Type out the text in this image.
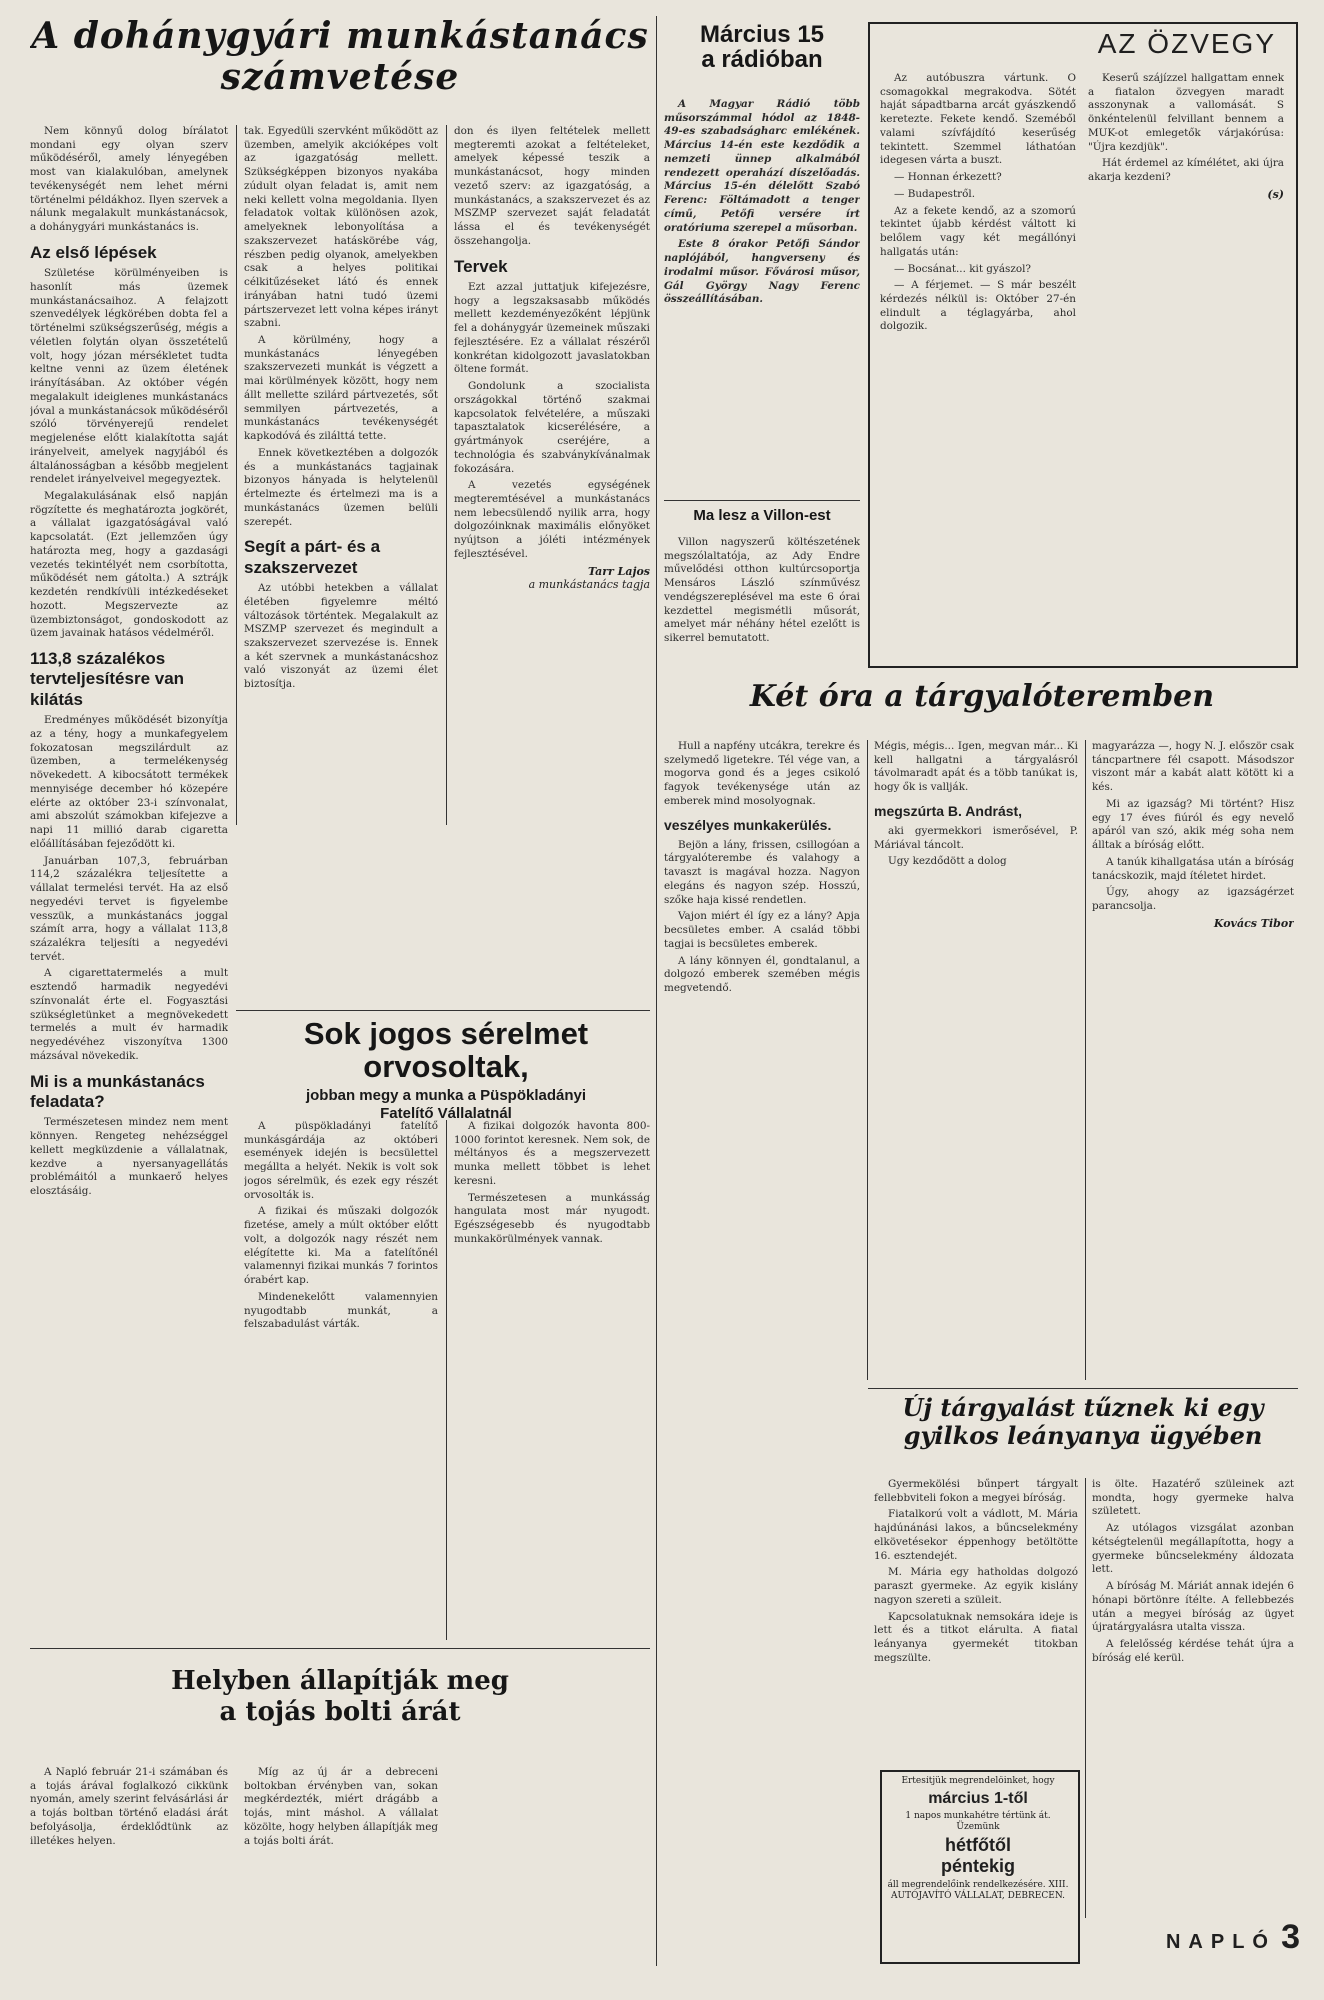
A dohánygyári munkástanács számvetése

Nem könnyű dolog bírálatot mondani egy olyan szerv működéséről, amely lényegében most van kialakulóban, amelynek tevékenységét nem lehet mérni történelmi példákhoz. Ilyen szervek a nálunk megalakult munkástanácsok, a dohánygyári munkástanács is.

Az első lépések

Születése körülményeiben is hasonlít más üzemek munkástanácsaihoz. A felajzott szenvedélyek légkörében dobta fel a történelmi szükségszerűség, mégis a véletlen folytán olyan összetételű volt, hogy józan mérsékletet tudta keltne venni az üzem életének irányításában. Az október végén megalakult ideiglenes munkástanács jóval a munkástanácsok működéséről szóló törvényerejű rendelet megjelenése előtt kialakította saját irányelveit, amelyek nagyjából és általánosságban a később megjelent rendelet irányelveivel megegyeztek.

Megalakulásának első napján rögzítette és meghatározta jogkörét, a vállalat igazgatóságával való kapcsolatát. (Ezt jellemzően úgy határozta meg, hogy a gazdasági vezetés tekintélyét nem csorbította, működését nem gátolta.) A sztrájk kezdetén rendkívüli intézkedéseket hozott. Megszervezte az üzembiztonságot, gondoskodott az üzem javainak hatásos védelméről.

113,8 százalékos tervteljesítésre van kilátás

Eredményes működését bizonyítja az a tény, hogy a munkafegyelem fokozatosan megszilárdult az üzemben, a termelékenység növekedett. A kibocsátott termékek mennyisége december hó közepére elérte az október 23-i színvonalat, ami abszolút számokban kifejezve a napi 11 millió darab cigaretta előállításában fejeződött ki.

Januárban 107,3, februárban 114,2 százalékra teljesítette a vállalat termelési tervét. Ha az első negyedévi tervet is figyelembe vesszük, a munkástanács joggal számít arra, hogy a vállalat 113,8 százalékra teljesíti a negyedévi tervét.

A cigarettatermelés a mult esztendő harmadik negyedévi színvonalát érte el. Fogyasztási szükségletünket a megnövekedett termelés a mult év harmadik negyedévéhez viszonyítva 1300 mázsával növekedik.

Mi is a munkástanács feladata?

Természetesen mindez nem ment könnyen. Rengeteg nehézséggel kellett megküzdenie a vállalatnak, kezdve a nyersanyagellátás problémáitól a munkaerő helyes elosztásáig.

tak. Egyedüli szervként működött az üzemben, amelyik akcióképes volt az igazgatóság mellett. Szükségképpen bizonyos nyakába zúdult olyan feladat is, amit nem neki kellett volna megoldania. Ilyen feladatok voltak különösen azok, amelyeknek lebonyolítása a szakszervezet hatáskörébe vág, részben pedig olyanok, amelyekben csak a helyes politikai célkitűzéseket látó és ennek irányában hatni tudó üzemi pártszervezet lett volna képes irányt szabni.

A körülmény, hogy a munkástanács lényegében szakszervezeti munkát is végzett a mai körülmények között, hogy nem állt mellette szilárd pártvezetés, sőt semmilyen pártvezetés, a munkástanács tevékenységét kapkodóvá és zilálttá tette.

Ennek következtében a dolgozók és a munkástanács tagjainak bizonyos hányada is helytelenül értelmezte és értelmezi ma is a munkástanács üzemen belüli szerepét.

Segít a párt- és a szakszervezet

Az utóbbi hetekben a vállalat életében figyelemre méltó változások történtek. Megalakult az MSZMP szervezet és megindult a szakszervezet szervezése is. Ennek a két szervnek a munkástanácshoz való viszonyát az üzemi élet biztosítja.

don és ilyen feltételek mellett megteremti azokat a feltételeket, amelyek képessé teszik a munkástanácsot, hogy minden vezető szerv: az igazgatóság, a munkástanács, a szakszervezet és az MSZMP szervezet saját feladatát lássa el és tevékenységét összehangolja.

Tervek

Ezt azzal juttatjuk kifejezésre, hogy a legszaksasabb működés mellett kezdeményezőként lépjünk fel a dohánygyár üzemeinek műszaki fejlesztésére. Ez a vállalat részéről konkrétan kidolgozott javaslatokban öltene formát.

Gondolunk a szocialista országokkal történő szakmai kapcsolatok felvételére, a műszaki tapasztalatok kicserélésére, a gyártmányok cseréjére, a technológia és szabványkívánalmak fokozására.

A vezetés egységének megteremtésével a munkástanács nem lebecsülendő nyilik arra, hogy dolgozóinknak maximális előnyöket nyújtson a jóléti intézmények fejlesztésével.

Tarr Lajos
a munkástanács tagja
Sok jogos sérelmet orvosoltak,
jobban megy a munka a Püspökladányi
Fatelítő Vállalatnál

A püspökladányi fatelítő munkásgárdája az októberi események idején is becsülettel megállta a helyét. Nekik is volt sok jogos sérelmük, és ezek egy részét orvosolták is.

A fizikai és műszaki dolgozók fizetése, amely a múlt október előtt volt, a dolgozók nagy részét nem elégítette ki. Ma a fatelítőnél valamennyi fizikai munkás 7 forintos órabért kap.

Mindenekelőtt valamennyien nyugodtabb munkát, a felszabadulást várták.

A fizikai dolgozók havonta 800-1000 forintot keresnek. Nem sok, de méltányos és a megszervezett munka mellett többet is lehet keresni.

Természetesen a munkásság hangulata most már nyugodt. Egészségesebb és nyugodtabb munkakörülmények vannak.

Helyben állapítják meg
a tojás bolti árát

A Napló február 21-i számában és a tojás árával foglalkozó cikkünk nyomán, amely szerint felvásárlási ár a tojás boltban történő eladási árát befolyásolja, érdeklődtünk az illetékes helyen.

Míg az új ár a debreceni boltokban érvényben van, sokan megkérdezték, miért drágább a tojás, mint máshol. A vállalat közölte, hogy helyben állapítják meg a tojás bolti árát.

Március 15
a rádióban

A Magyar Rádió több műsorszámmal hódol az 1848-49-es szabadságharc emlékének. Március 14-én este kezdődik a nemzeti ünnep alkalmából rendezett operahází díszelőadás. Március 15-én délelőtt Szabó Ferenc: Föltámadott a tenger című, Petőfi versére írt oratóriuma szerepel a műsorban.

Este 8 órakor Petőfi Sándor naplójából, hangverseny és irodalmi műsor. Fővárosi műsor, Gál György Nagy Ferenc összeállításában.

Ma lesz a Villon-est

Villon nagyszerű költészetének megszólaltatója, az Ady Endre művelődési otthon kultúrcsoportja Mensáros László színművész vendégszereplésével ma este 6 órai kezdettel megismétli műsorát, amelyet már néhány hétel ezelőtt is sikerrel bemutatott.

AZ ÖZVEGY

Az autóbuszra vártunk. O csomagokkal megrakodva. Sötét haját sápadtbarna arcát gyászkendő keretezte. Fekete kendő. Szeméből valami szívfájdító keserűség tekintett. Szemmel láthatóan idegesen várta a buszt.

— Honnan érkezett?

— Budapestről.

Az a fekete kendő, az a szomorú tekintet újabb kérdést váltott ki belőlem vagy két megállónyi hallgatás után:

— Bocsánat... kit gyászol?

— A férjemet. — S már beszélt kérdezés nélkül is: Október 27-én elindult a téglagyárba, ahol dolgozik.

Keserű szájízzel hallgattam ennek a fiatalon özvegyen maradt asszonynak a vallomását. S önkéntelenül felvillant bennem a MUK-ot emlegetők várjakórúsa: "Újra kezdjük".

Hát érdemel az kímélétet, aki újra akarja kezdeni?

(s)
Két óra a tárgyalóteremben

Hull a napfény utcákra, terekre és szelymedő ligetekre. Tél vége van, a mogorva gond és a jeges csikoló fagyok tevékenysége után az emberek mind mosolyognak.

veszélyes munkakerülés.

Bejön a lány, frissen, csillogóan a tárgyalóterembe és valahogy a tavaszt is magával hozza. Nagyon elegáns és nagyon szép. Hosszú, szőke haja kissé rendetlen.

Vajon miért él így ez a lány? Apja becsületes ember. A család többi tagjai is becsületes emberek.

A lány könnyen él, gondtalanul, a dolgozó emberek szemében mégis megvetendő.

Mégis, mégis... Igen, megvan már... Ki kell hallgatni a tárgyalásról távolmaradt apát és a több tanúkat is, hogy ők is vallják.

megszúrta B. Andrást,

aki gyermekkori ismerősével, P. Máriával táncolt.

Ugy kezdődött a dolog

magyarázza —, hogy N. J. először csak táncpartnere fél csapott. Másodszor viszont már a kabát alatt kötött ki a kés.

Mi az igazság? Mi történt? Hisz egy 17 éves fiúról és egy nevelő apáról van szó, akik még soha nem álltak a bíróság előtt.

A tanúk kihallgatása után a bíróság tanácskozik, majd ítéletet hirdet.

Úgy, ahogy az igazságérzet parancsolja.

Kovács Tibor
Új tárgyalást tűznek ki egy
gyilkos leányanya ügyében

Gyermekölési bűnpert tárgyalt fellebbviteli fokon a megyei bíróság.

Fiatalkorú volt a vádlott, M. Mária hajdúnánási lakos, a bűncselekmény elkövetésekor éppenhogy betöltötte 16. esztendejét.

M. Mária egy hatholdas dolgozó paraszt gyermeke. Az egyik kislány nagyon szereti a szüleit.

Kapcsolatuknak nemsokára ideje is lett és a titkot elárulta. A fiatal leányanya gyermekét titokban megszülte.

is ölte. Hazatérő szüleinek azt mondta, hogy gyermeke halva született.

Az utólagos vizsgálat azonban kétségtelenül megállapította, hogy a gyermeke bűncselekmény áldozata lett.

A bíróság M. Máriát annak idején 6 hónapi börtönre ítélte. A fellebbezés után a megyei bíróság az ügyet újratárgyalásra utalta vissza.

A felelősség kérdése tehát újra a bíróság elé kerül.

Értesítjük megrendelőinket, hogy
március 1-től
1 napos munkahétre tértünk át. Üzemünk
hétfőtől
péntekig
áll megrendelőink rendelkezésére. XIII. AUTÓJAVÍTÓ VÁLLALAT, DEBRECEN.
NAPLÓ 3
